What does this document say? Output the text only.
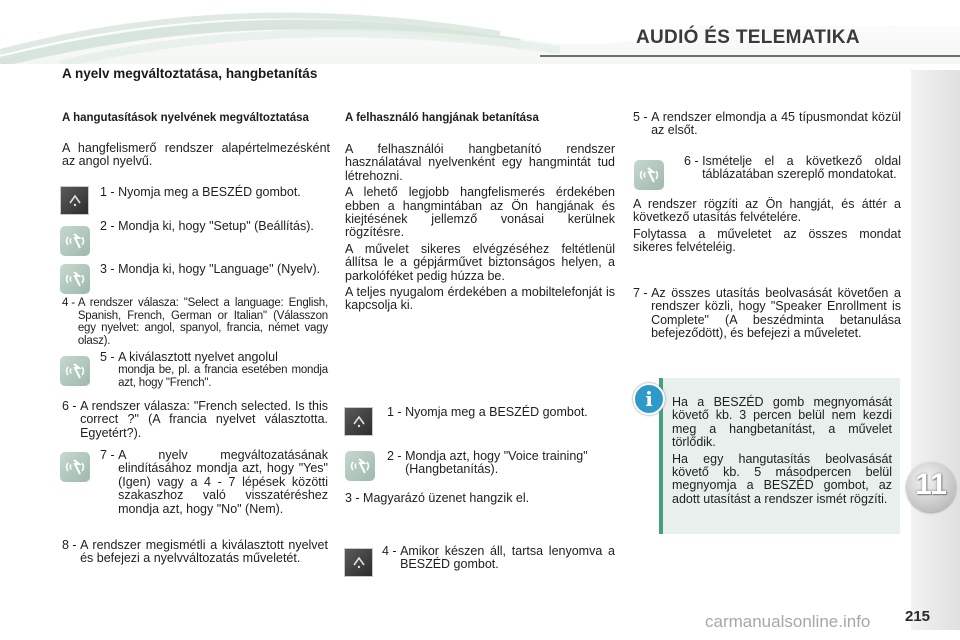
AUDIÓ ÉS TELEMATIKA
11
215
carmanualsonline.info
A nyelv megváltoztatása, hangbetanítás
A hangutasítások nyelvének megváltoztatása
A hangfelismerő rendszer alapértelmezésként az angol nyelvű.
1 - Nyomja meg a BESZÉD gombot.
2 - Mondja ki, hogy "Setup" (Beállítás).
3 - Mondja ki, hogy "Language" (Nyelv).
4 - A rendszer válasza: "Select a language: English, Spanish, French, German or Italian" (Válasszon egy nyelvet: angol, spanyol, francia, német vagy olasz).
5 - A kiválasztott nyelvet angolul
mondja be, pl. a francia esetében mondja azt, hogy "French".
6 - A rendszer válasza: "French selected. Is this correct ?" (A francia nyelvet választotta. Egyetért?).
7 - A nyelv megváltozatásának elindításához mondja azt, hogy "Yes" (Igen) vagy a 4 - 7 lépések közötti szakaszhoz való visszatéréshez mondja azt, hogy "No" (Nem).
8 - A rendszer megismétli a kiválasztott nyelvet és befejezi a nyelvváltozatás műveletét.
A felhasználó hangjának betanítása
A felhasználói hangbetanító rendszer használatával nyelvenként egy hangmintát tud létrehozni.
A lehető legjobb hangfelismerés érdekében ebben a hangmintában az Ön hangjának és kiejtésének jellemző vonásai kerülnek rögzítésre.
A művelet sikeres elvégzéséhez feltétlenül állítsa le a gépjárművet biztonságos helyen, a parkolóféket pedig húzza be.
A teljes nyugalom érdekében a mobiltelefonját is kapcsolja ki.
1 - Nyomja meg a BESZÉD gombot.
2 - Mondja azt, hogy "Voice training" (Hangbetanítás).
3 - Magyarázó üzenet hangzik el.
4 - Amikor készen áll, tartsa lenyomva a BESZÉD gombot.
5 - A rendszer elmondja a 45 típusmondat közül az elsőt.
6 - Ismételje el a következő oldal táblázatában szereplő mondatokat.
A rendszer rögzíti az Ön hangját, és áttér a következő utasítás felvételére.
Folytassa a műveletet az összes mondat sikeres felvételéig.
7 - Az összes utasítás beolvasását követően a rendszer közli, hogy "Speaker Enrollment is Complete" (A beszédminta betanulása befejeződött), és befejezi a műveletet.
i	Ha a BESZÉD gomb megnyomását követő kb. 3 percen belül nem kezdi meg a hangbetanítást, a művelet törlődik.
Ha egy hangutasítás beolvasását követő kb. 5 másodpercen belül megnyomja a BESZÉD gombot, az adott utasítást a rendszer ismét rögzíti.
